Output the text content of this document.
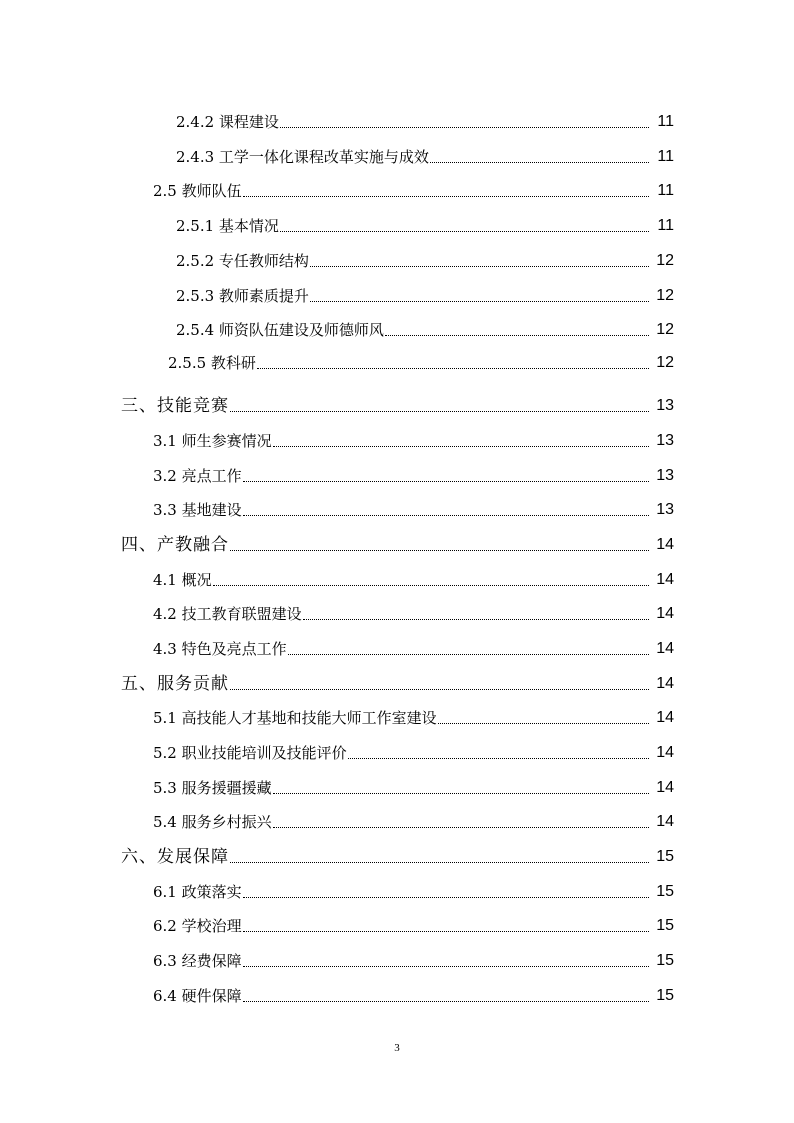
2.4.2 课程建设	11
2.4.3 工学一体化课程改革实施与成效	11
2.5 教师队伍	11
2.5.1 基本情况	11
2.5.2 专任教师结构	12
2.5.3 教师素质提升	12
2.5.4 师资队伍建设及师德师风	12
2.5.5 教科研	12
三、技能竞赛	13
3.1 师生参赛情况	13
3.2 亮点工作	13
3.3 基地建设	13
四、产教融合	14
4.1 概况	14
4.2 技工教育联盟建设	14
4.3 特色及亮点工作	14
五、服务贡献	14
5.1 高技能人才基地和技能大师工作室建设	14
5.2 职业技能培训及技能评价	14
5.3 服务援疆援藏	14
5.4 服务乡村振兴	14
六、发展保障	15
6.1 政策落实	15
6.2 学校治理	15
6.3 经费保障	15
6.4 硬件保障	15
3
